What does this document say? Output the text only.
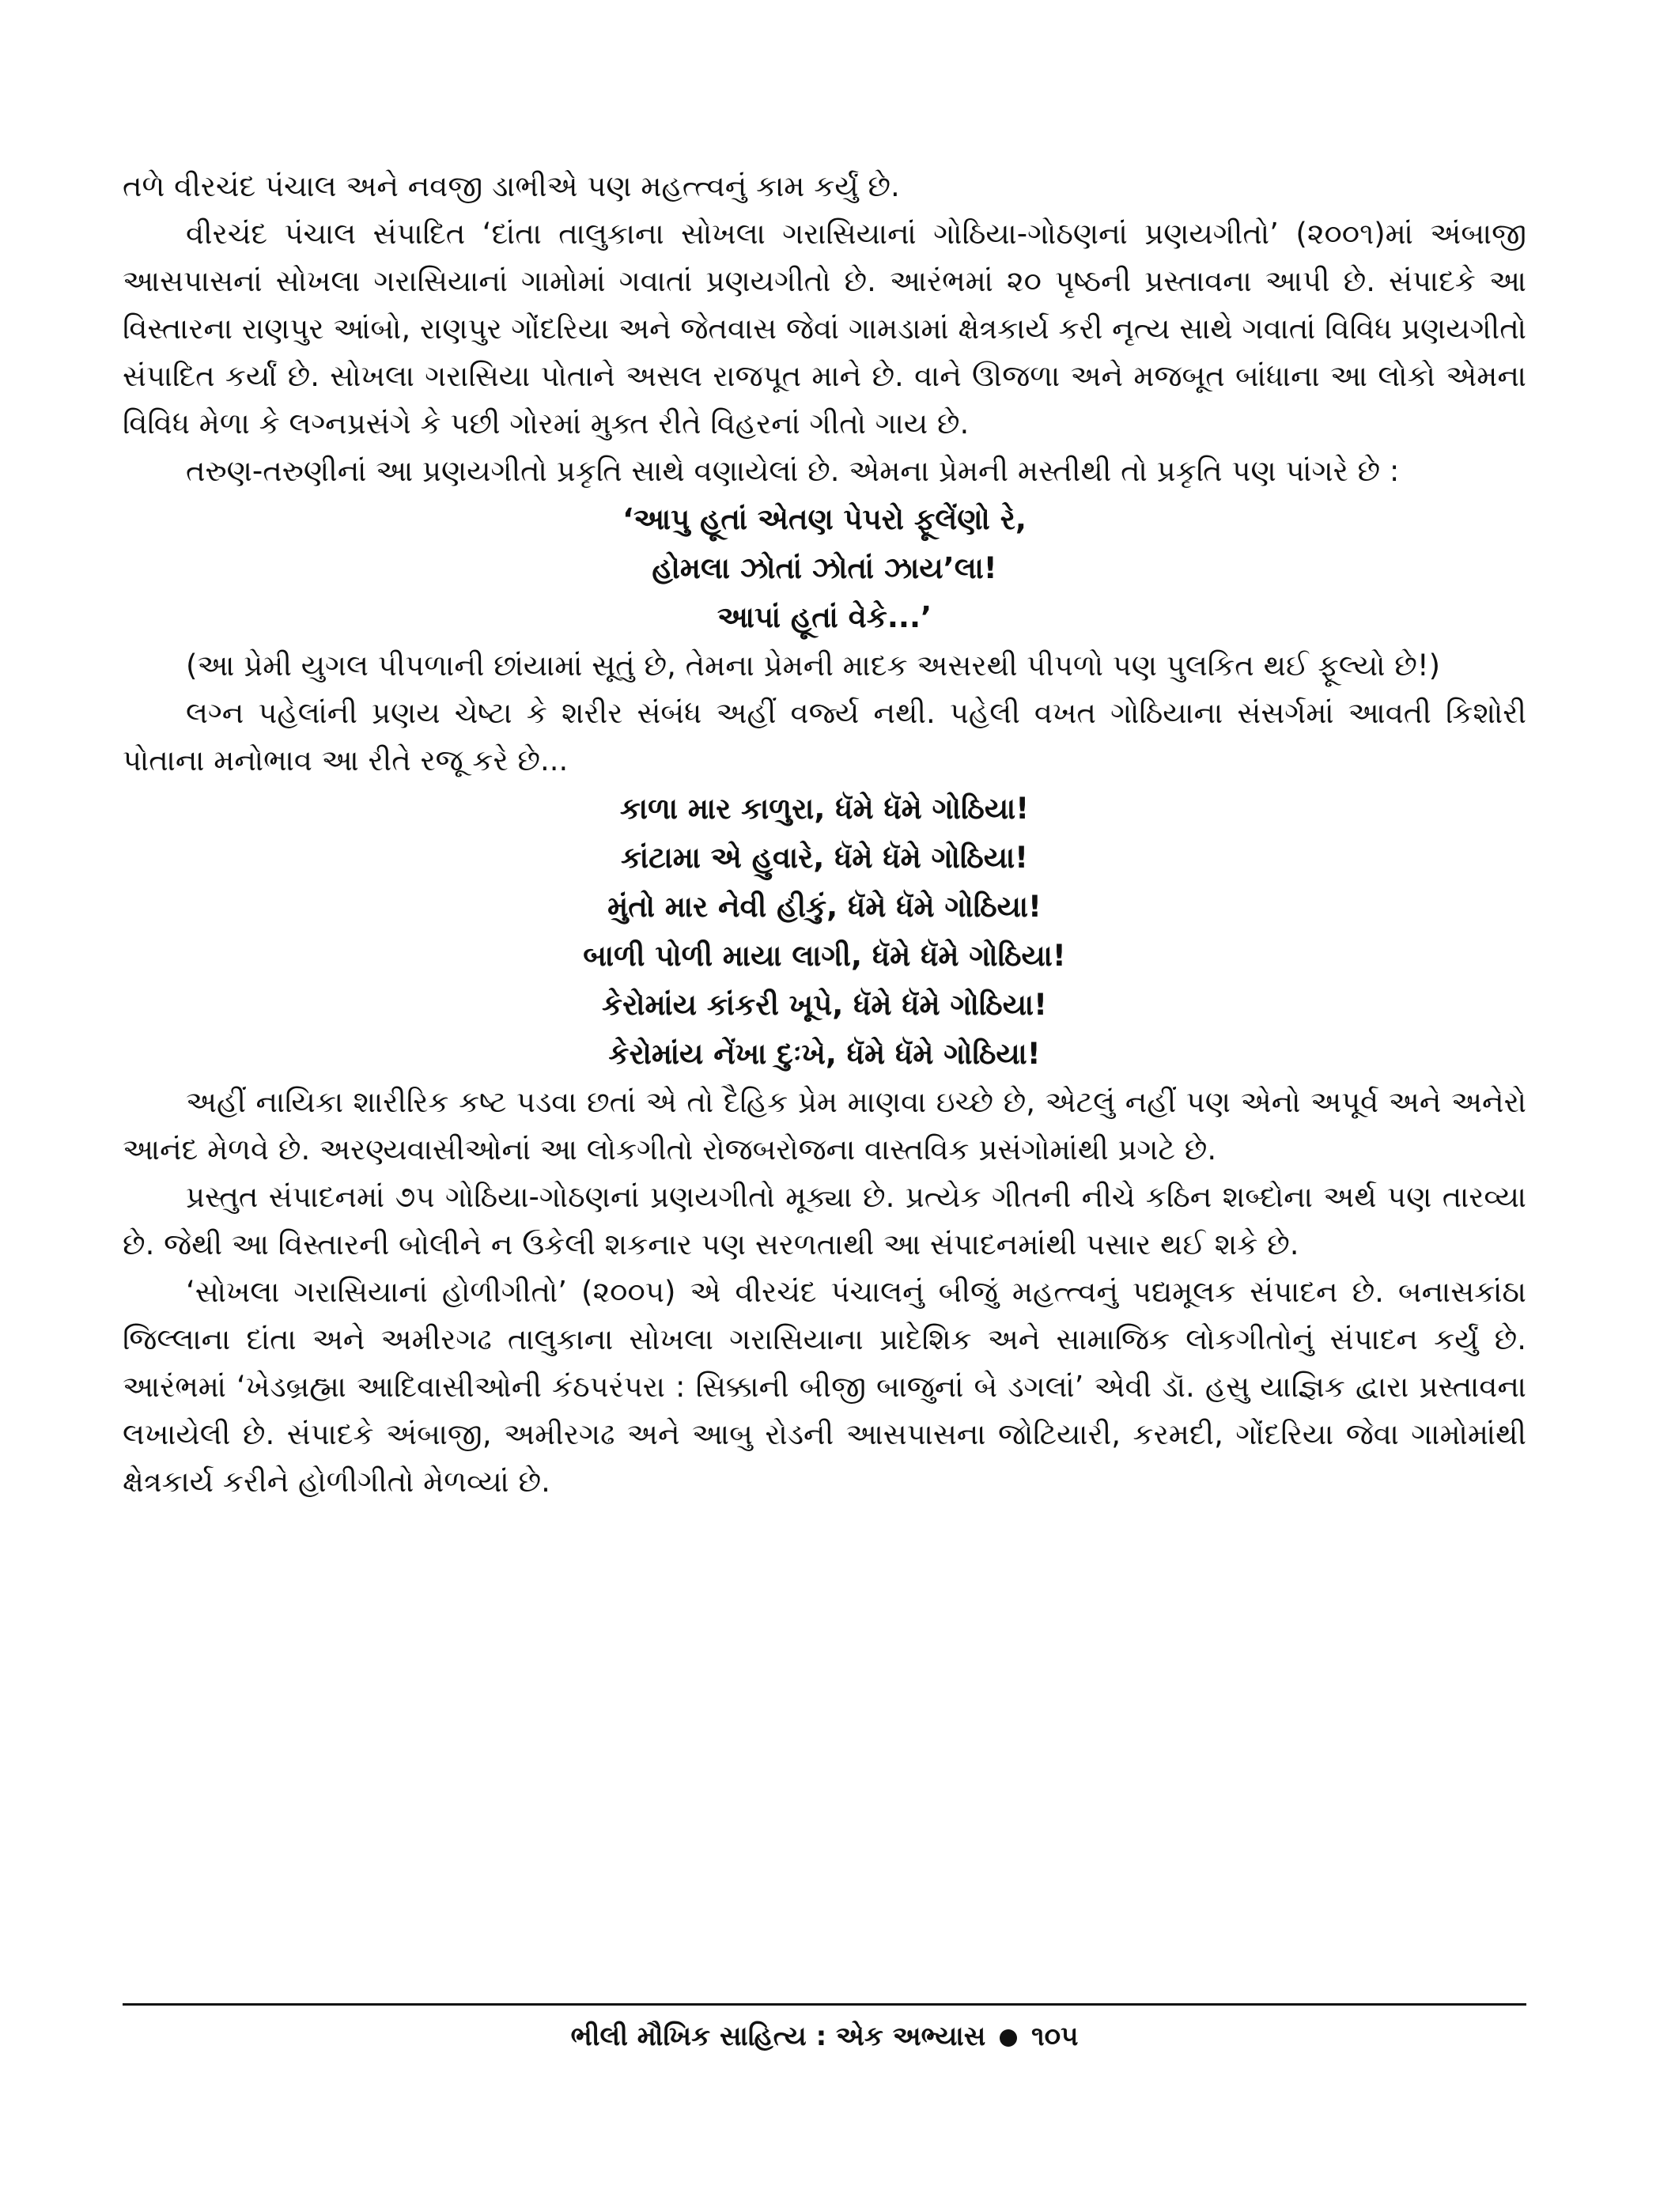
તળે વીરચંદ પંચાલ અને નવજી ડાભીએ પણ મહત્ત્વનું કામ કર્યું છે.

વીરચંદ પંચાલ સંપાદિત ‘દાંતા તાલુકાના સોખલા ગરાસિયાનાં ગોઠિયા-ગોઠણનાં પ્રણયગીતો’ (૨૦૦૧)માં અંબાજી આસપાસનાં સોખલા ગરાસિયાનાં ગામોમાં ગવાતાં પ્રણયગીતો છે. આરંભમાં ૨૦ પૃષ્ઠની પ્રસ્તાવના આપી છે. સંપાદકે આ વિસ્તારના રાણપુર આંબો, રાણપુર ગોંદરિયા અને જેતવાસ જેવાં ગામડામાં ક્ષેત્રકાર્ય કરી નૃત્ય સાથે ગવાતાં વિવિધ પ્રણયગીતો સંપાદિત કર્યાં છે. સોખલા ગરાસિયા પોતાને અસલ રાજપૂત માને છે. વાને ઊજળા અને મજબૂત બાંધાના આ લોકો એમના વિવિધ મેળા કે લગ્નપ્રસંગે કે પછી ગોરમાં મુક્ત રીતે વિહરનાં ગીતો ગાય છે.

તરુણ-તરુણીનાં આ પ્રણયગીતો પ્રકૃતિ સાથે વણાયેલાં છે. એમના પ્રેમની મસ્તીથી તો પ્રકૃતિ પણ પાંગરે છે :

‘આપુ હૂતાં એતણ પેપરો ફૂલેંણો રે,

હોમલા ઝોતાં ઝોતાં ઝાય’લા!

આપાં હૂતાં વેકે...’

(આ પ્રેમી યુગલ પીપળાની છાંયામાં સૂતું છે, તેમના પ્રેમની માદક અસરથી પીપળો પણ પુલકિત થઈ ફૂલ્યો છે!)

લગ્ન પહેલાંની પ્રણય ચેષ્ટા કે શરીર સંબંધ અહીં વર્જ્ય નથી. પહેલી વખત ગોઠિયાના સંસર્ગમાં આવતી કિશોરી પોતાના મનોભાવ આ રીતે રજૂ કરે છે...

કાળા માર કાળુરા, ધૅમે ધૅમે ગોઠિયા!

કાંટામા એ હુવારે, ધૅમે ધૅમે ગોઠિયા!

મુંતો માર નેવી હીકું, ધૅમે ધૅમે ગોઠિયા!

બાળી પોળી માયા લાગી, ધૅમે ધૅમે ગોઠિયા!

કેરોમાંય કાંકરી ખૂપે, ધૅમે ધૅમે ગોઠિયા!

કેરોમાંય નેંખા દુઃખે, ધૅમે ધૅમે ગોઠિયા!

અહીં નાયિકા શારીરિક કષ્ટ પડવા છતાં એ તો દૈહિક પ્રેમ માણવા ઇચ્છે છે, એટલું નહીં પણ એનો અપૂર્વ અને અનેરો આનંદ મેળવે છે. અરણ્યવાસીઓનાં આ લોકગીતો રોજબરોજના વાસ્તવિક પ્રસંગોમાંથી પ્રગટે છે.

પ્રસ્તુત સંપાદનમાં ૭૫ ગોઠિયા-ગોઠણનાં પ્રણયગીતો મૂક્યા છે. પ્રત્યેક ગીતની નીચે કઠિન શબ્દોના અર્થ પણ તારવ્યા છે. જેથી આ વિસ્તારની બોલીને ન ઉકેલી શકનાર પણ સરળતાથી આ સંપાદનમાંથી પસાર થઈ શકે છે.

‘સોખલા ગરાસિયાનાં હોળીગીતો’ (૨૦૦૫) એ વીરચંદ પંચાલનું બીજું મહત્ત્વનું પદ્યમૂલક સંપાદન છે. બનાસકાંઠા જિલ્લાના દાંતા અને અમીરગઢ તાલુકાના સોખલા ગરાસિયાના પ્રાદેશિક અને સામાજિક લોકગીતોનું સંપાદન કર્યું છે. આરંભમાં ‘ખેડબ્રહ્મા આદિવાસીઓની કંઠપરંપરા : સિક્કાની બીજી બાજુનાં બે ડગલાં’ એવી ડૉ. હસુ યાજ્ઞિક દ્વારા પ્રસ્તાવના લખાયેલી છે. સંપાદકે અંબાજી, અમીરગઢ અને આબુ રોડની આસપાસના જોટિયારી, કરમદી, ગોંદરિયા જેવા ગામોમાંથી ક્ષેત્રકાર્ય કરીને હોળીગીતો મેળવ્યાં છે.

ભીલી મૌખિક સાહિત્ય : એક અભ્યાસ ૧૦૫
